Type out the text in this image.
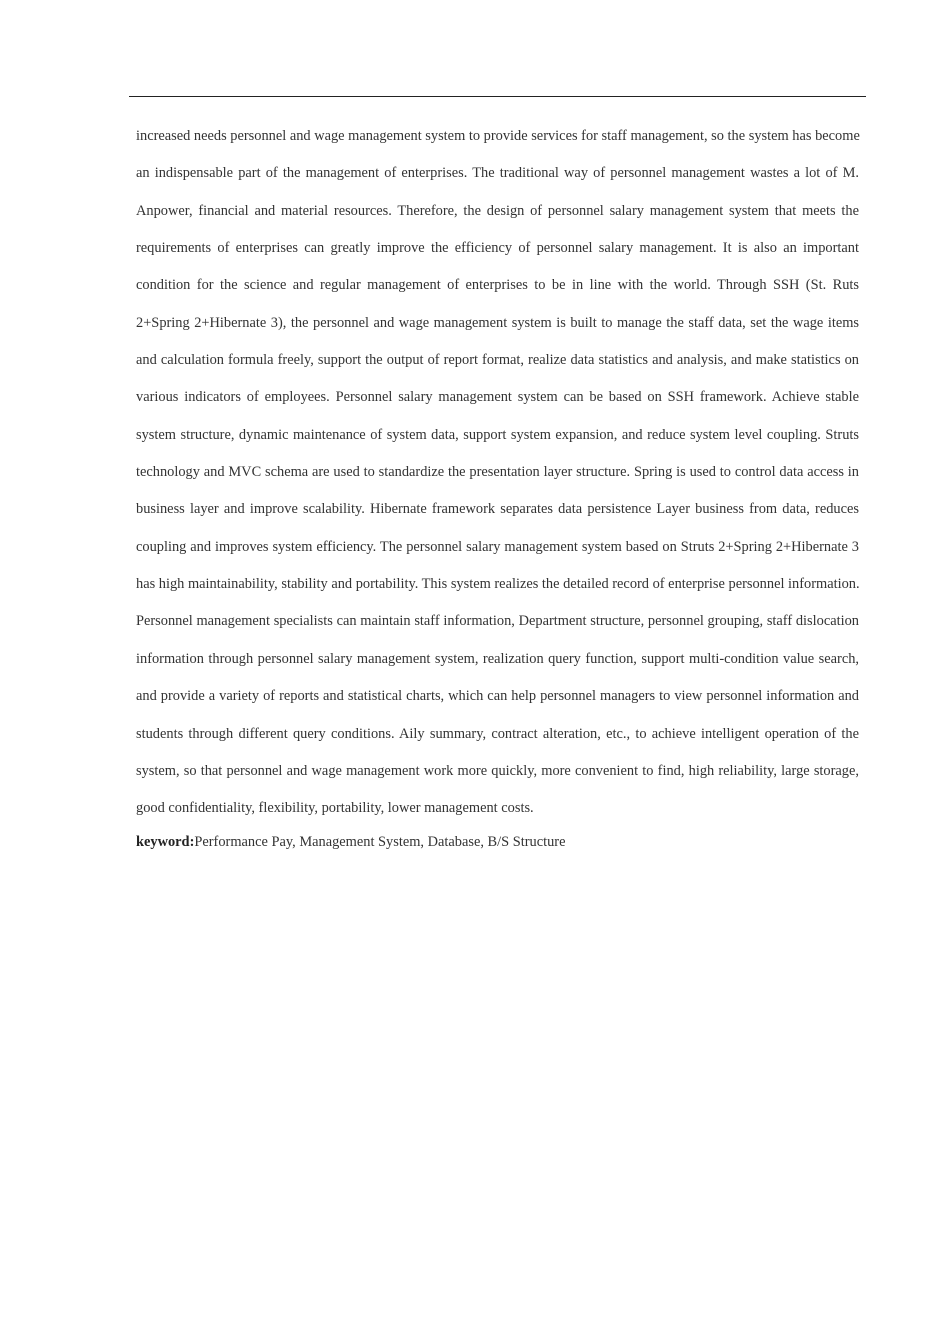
increased needs personnel and wage management system to provide services for staff management, so the system has become
an indispensable part of the management of enterprises. The traditional way of personnel management wastes a lot of M.
Anpower, financial and material resources. Therefore, the design of personnel salary management system that meets the
requirements of enterprises can greatly improve the efficiency of personnel salary management. It is also an important
condition for the science and regular management of enterprises to be in line with the world. Through SSH (St. Ruts
2+Spring 2+Hibernate 3), the personnel and wage management system is built to manage the staff data, set the wage items
and calculation formula freely, support the output of report format, realize data statistics and analysis, and make statistics on
various indicators of employees. Personnel salary management system can be based on SSH framework. Achieve stable
system structure, dynamic maintenance of system data, support system expansion, and reduce system level coupling. Struts
technology and MVC schema are used to standardize the presentation layer structure. Spring is used to control data access in
business layer and improve scalability. Hibernate framework separates data persistence Layer business from data, reduces
coupling and improves system efficiency. The personnel salary management system based on Struts 2+Spring 2+Hibernate 3
has high maintainability, stability and portability. This system realizes the detailed record of enterprise personnel information.
Personnel management specialists can maintain staff information, Department structure, personnel grouping, staff dislocation
information through personnel salary management system, realization query function, support multi-condition value search,
and provide a variety of reports and statistical charts, which can help personnel managers to view personnel information and
students through different query conditions. Aily summary, contract alteration, etc., to achieve intelligent operation of the
system, so that personnel and wage management work more quickly, more convenient to find, high reliability, large storage,
good confidentiality, flexibility, portability, lower management costs.
keyword:Performance Pay, Management System, Database, B/S Structure
